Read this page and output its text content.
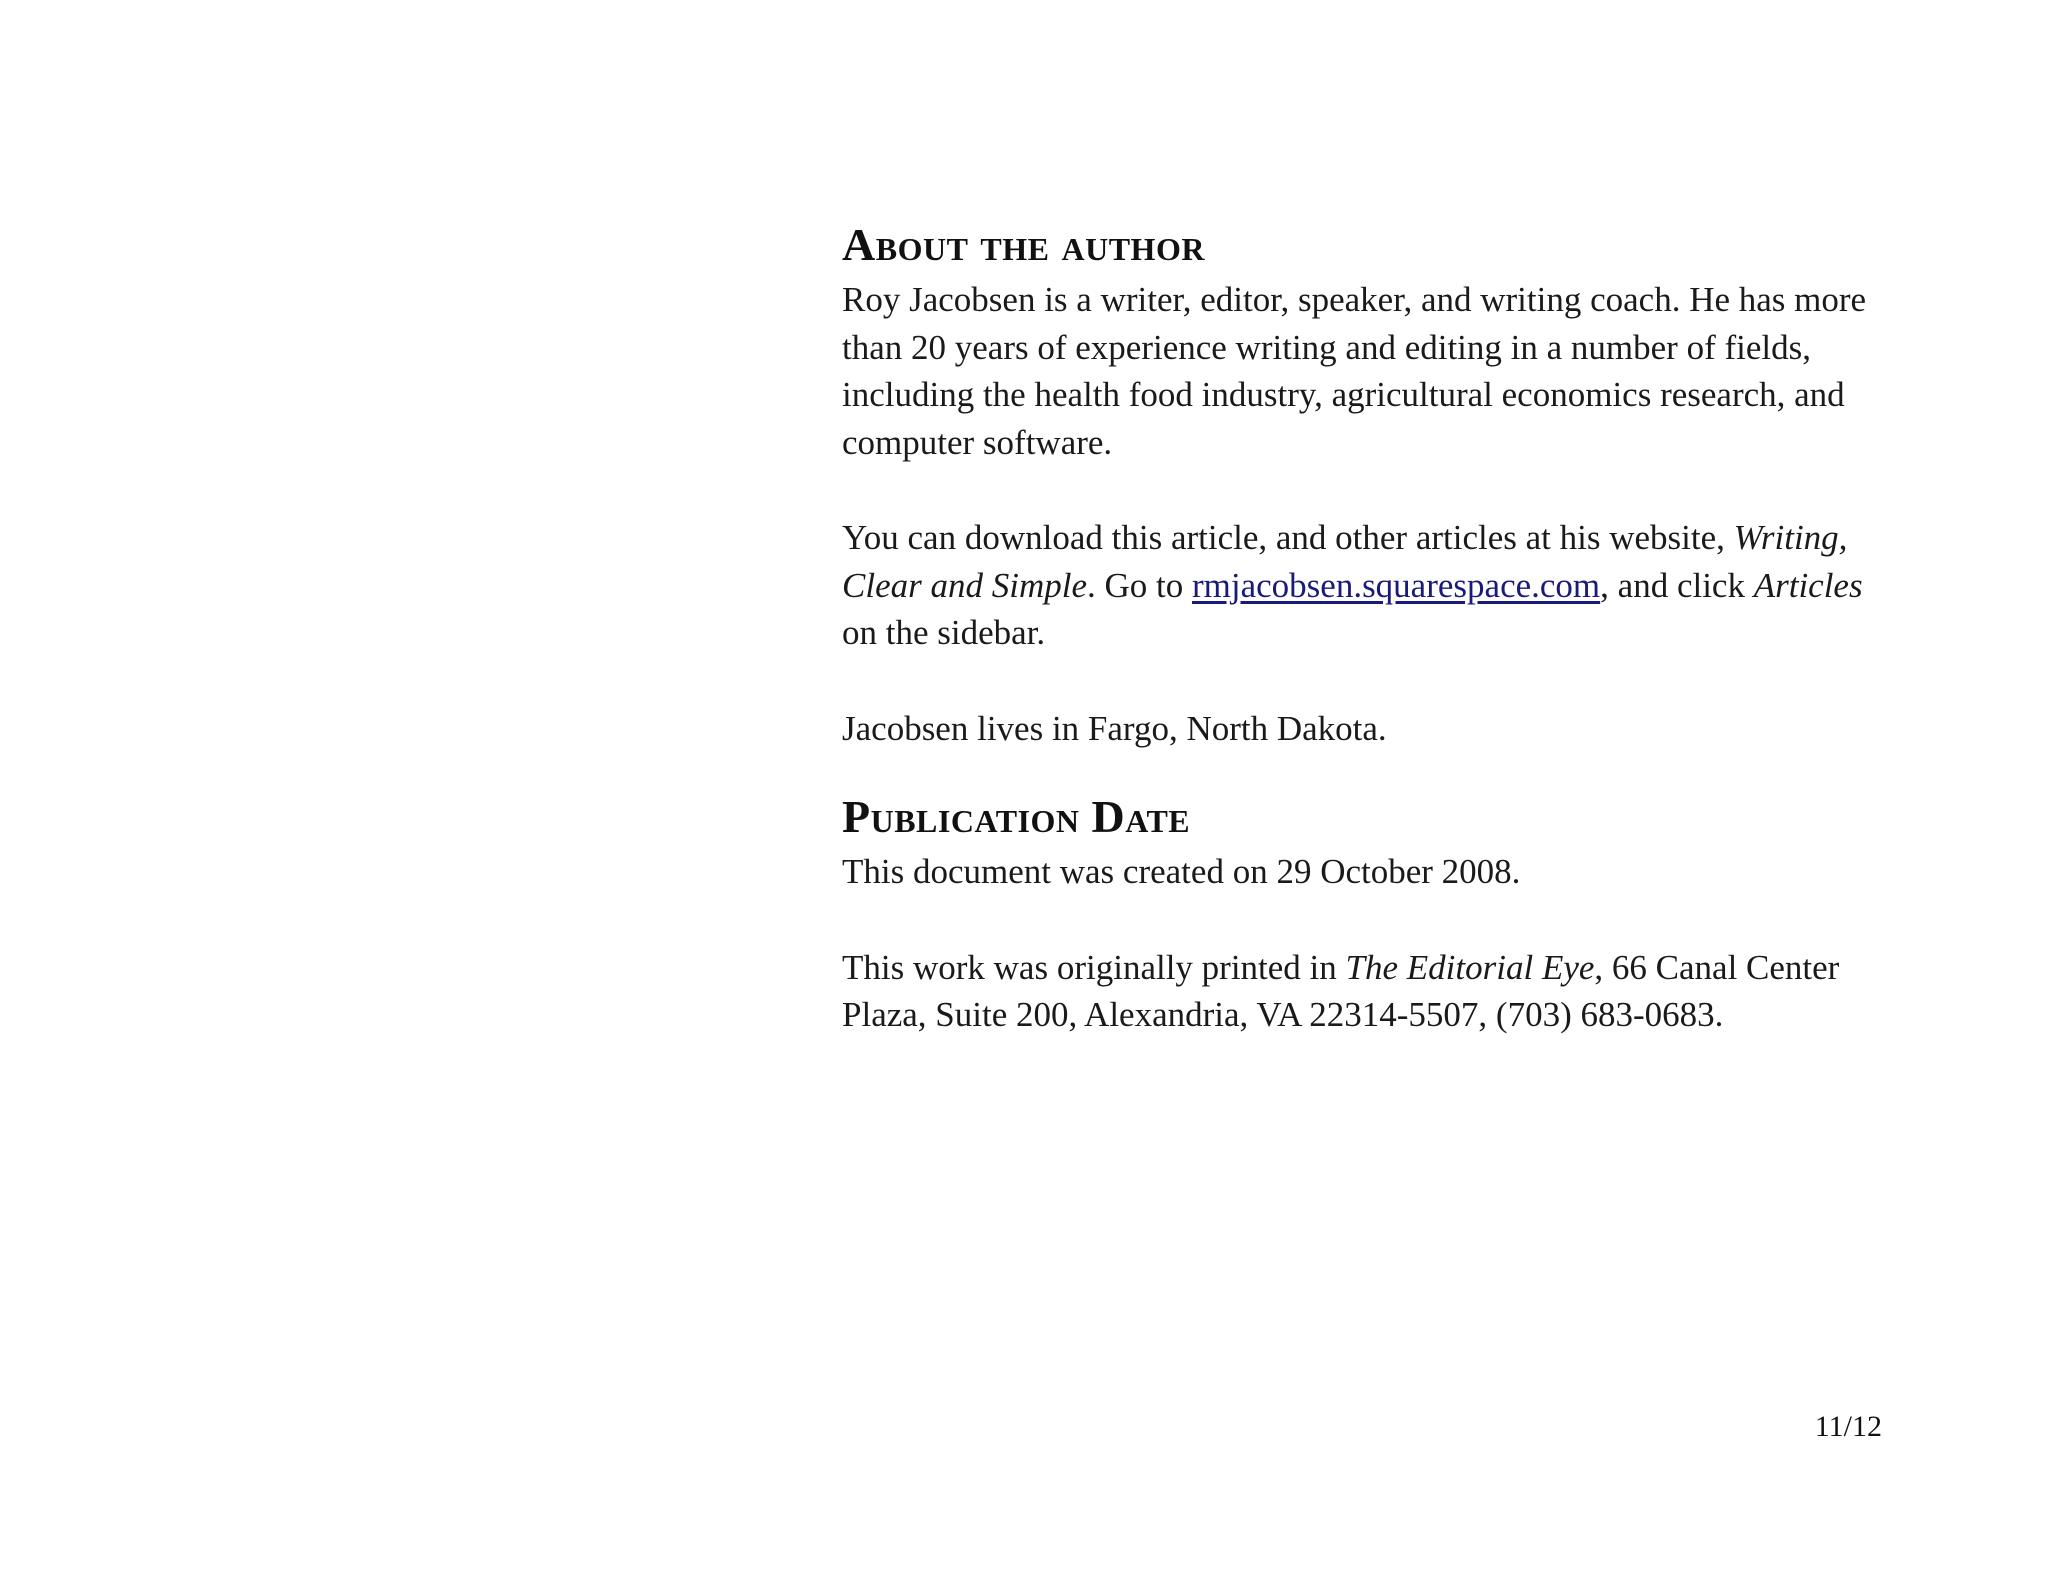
About the author

Roy Jacobsen is a writer, editor, speaker, and writing coach. He has more than 20 years of experience writing and editing in a number of fields, including the health food industry, agricultural economics research, and computer software.

You can download this article, and other articles at his website, Writing, Clear and Simple. Go to rmjacobsen.squarespace.com, and click Articles on the sidebar.

Jacobsen lives in Fargo, North Dakota.

Publication Date

This document was created on 29 October 2008.

This work was originally printed in The Editorial Eye, 66 Canal Center Plaza, Suite 200, Alexandria, VA 22314-5507, (703) 683-0683.

11/12
